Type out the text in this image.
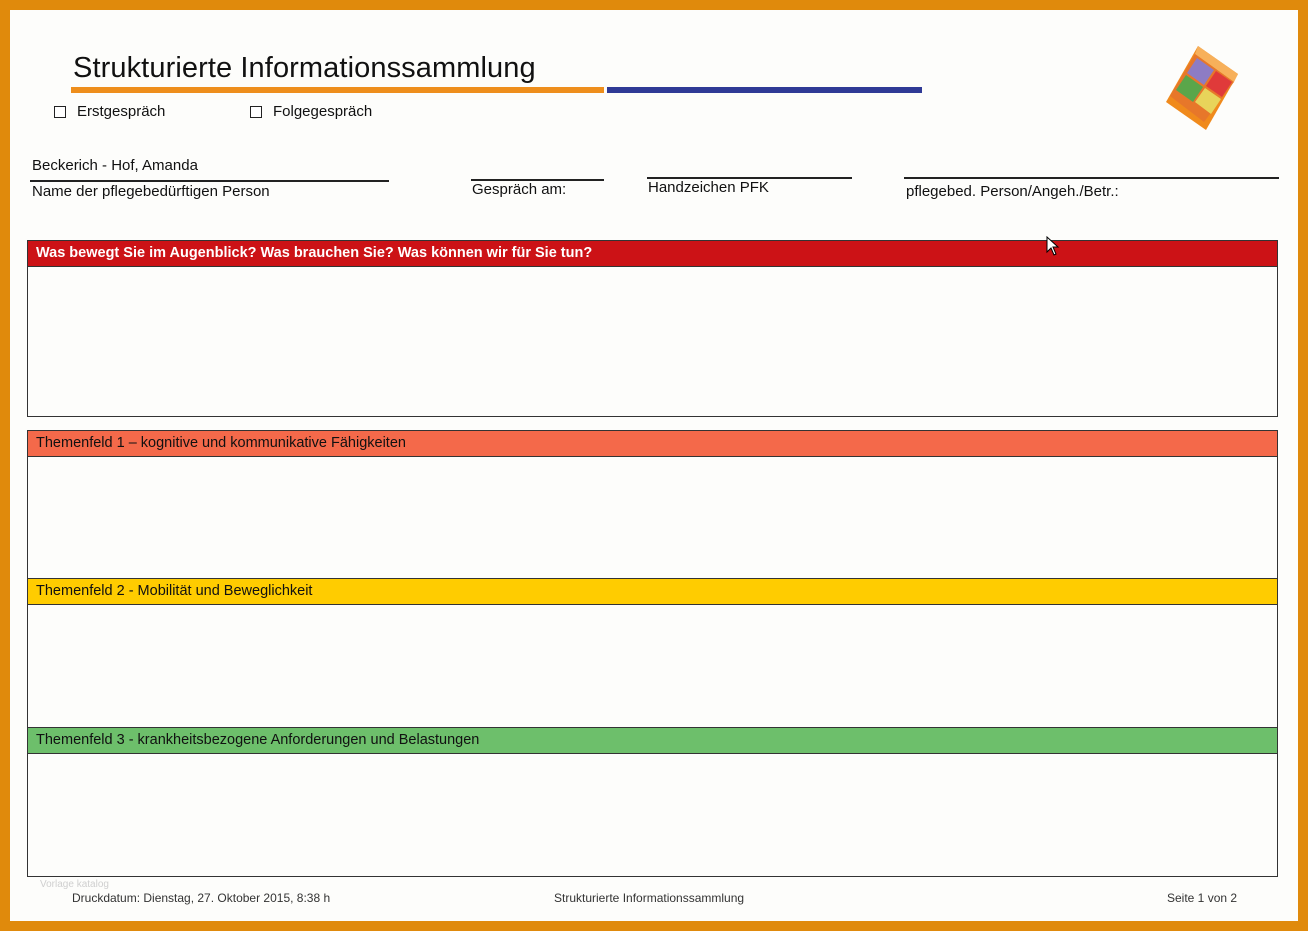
Strukturierte Informationssammlung
Erstgespräch	Folgegespräch
Beckerich - Hof, Amanda
Name der pflegebedürftigen Person	Gespräch am:	Handzeichen PFK	pflegebed. Person/Angeh./Betr.:
Was bewegt Sie im Augenblick? Was brauchen Sie? Was können wir für Sie tun?
Themenfeld 1 – kognitive und kommunikative Fähigkeiten
Themenfeld 2 - Mobilität und Beweglichkeit
Themenfeld 3 - krankheitsbezogene Anforderungen und Belastungen
Vorlage katalog
Druckdatum: Dienstag, 27. Oktober 2015, 8:38 h	Strukturierte Informationssammlung	Seite 1 von 2
